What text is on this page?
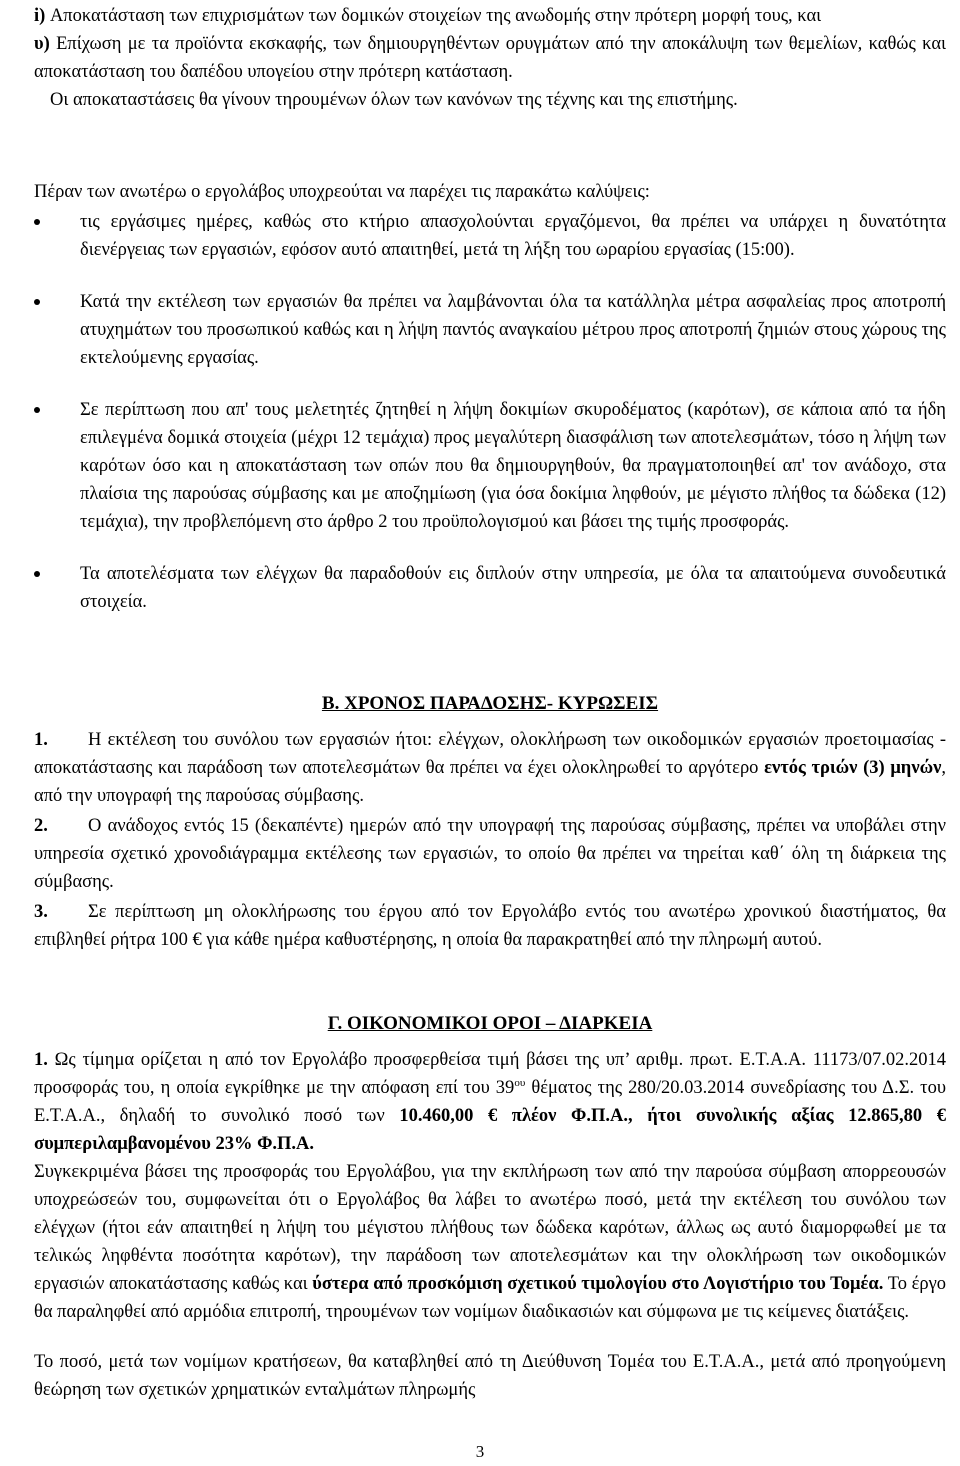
i) Αποκατάσταση των επιχρισμάτων των δομικών στοιχείων της ανωδομής στην πρότερη μορφή τους, και

υ) Επίχωση με τα προϊόντα εκσκαφής, των δημιουργηθέντων ορυγμάτων από την αποκάλυψη των θεμελίων, καθώς και αποκατάσταση του δαπέδου υπογείου στην πρότερη κατάσταση.

Οι αποκαταστάσεις θα γίνουν τηρουμένων όλων των κανόνων της τέχνης και της επιστήμης.

Πέραν των ανωτέρω ο εργολάβος υποχρεούται να παρέχει τις παρακάτω καλύψεις:

τις εργάσιμες ημέρες, καθώς στο κτήριο απασχολούνται εργαζόμενοι, θα πρέπει να υπάρχει η δυνατότητα διενέργειας των εργασιών, εφόσον αυτό απαιτηθεί, μετά τη λήξη του ωραρίου εργασίας (15:00).
Κατά την εκτέλεση των εργασιών θα πρέπει να λαμβάνονται όλα τα κατάλληλα μέτρα ασφαλείας προς αποτροπή ατυχημάτων του προσωπικού καθώς και η λήψη παντός αναγκαίου μέτρου προς αποτροπή ζημιών στους χώρους της εκτελούμενης εργασίας.
Σε περίπτωση που απ' τους μελετητές ζητηθεί η λήψη δοκιμίων σκυροδέματος (καρότων), σε κάποια από τα ήδη επιλεγμένα δομικά στοιχεία (μέχρι 12 τεμάχια) προς μεγαλύτερη διασφάλιση των αποτελεσμάτων, τόσο η λήψη των καρότων όσο και η αποκατάσταση των οπών που θα δημιουργηθούν, θα πραγματοποιηθεί απ' τον ανάδοχο, στα πλαίσια της παρούσας σύμβασης και με αποζημίωση (για όσα δοκίμια ληφθούν, με μέγιστο πλήθος τα δώδεκα (12) τεμάχια), την προβλεπόμενη στο άρθρο 2 του προϋπολογισμού και βάσει της τιμής προσφοράς.
Τα αποτελέσματα των ελέγχων θα παραδοθούν εις διπλούν στην υπηρεσία, με όλα τα απαιτούμενα συνοδευτικά στοιχεία.
Β. ΧΡΟΝΟΣ ΠΑΡΑΔΟΣΗΣ- ΚΥΡΩΣΕΙΣ

1. Η εκτέλεση του συνόλου των εργασιών ήτοι: ελέγχων, ολοκλήρωση των οικοδομικών εργασιών προετοιμασίας - αποκατάστασης και παράδοση των αποτελεσμάτων θα πρέπει να έχει ολοκληρωθεί το αργότερο εντός τριών (3) μηνών, από την υπογραφή της παρούσας σύμβασης.

2. Ο ανάδοχος εντός 15 (δεκαπέντε) ημερών από την υπογραφή της παρούσας σύμβασης, πρέπει να υποβάλει στην υπηρεσία σχετικό χρονοδιάγραμμα εκτέλεσης των εργασιών, το οποίο θα πρέπει να τηρείται καθ΄ όλη τη διάρκεια της σύμβασης.

3. Σε περίπτωση μη ολοκλήρωσης του έργου από τον Εργολάβο εντός του ανωτέρω χρονικού διαστήματος, θα επιβληθεί ρήτρα 100 € για κάθε ημέρα καθυστέρησης, η οποία θα παρακρατηθεί από την πληρωμή αυτού.

Γ. ΟΙΚΟΝΟΜΙΚΟΙ ΟΡΟΙ – ΔΙΑΡΚΕΙΑ

1. Ως τίμημα ορίζεται η από τον Εργολάβο προσφερθείσα τιμή βάσει της υπ’ αριθμ. πρωτ. Ε.Τ.Α.Α. 11173/07.02.2014 προσφοράς του, η οποία εγκρίθηκε με την απόφαση επί του $39^{o\upsilon}$ θέματος της 280/20.03.2014 συνεδρίασης του Δ.Σ. του Ε.Τ.Α.Α., δηλαδή το συνολικό ποσό των 10.460,00 € πλέον Φ.Π.Α., ήτοι συνολικής αξίας 12.865,80 € συμπεριλαμβανομένου 23% Φ.Π.Α.

Συγκεκριμένα βάσει της προσφοράς του Εργολάβου, για την εκπλήρωση των από την παρούσα σύμβαση απορρεουσών υποχρεώσεών του, συμφωνείται ότι ο Εργολάβος θα λάβει το ανωτέρω ποσό, μετά την εκτέλεση του συνόλου των ελέγχων (ήτοι εάν απαιτηθεί η λήψη του μέγιστου πλήθους των δώδεκα καρότων, άλλως ως αυτό διαμορφωθεί με τα τελικώς ληφθέντα ποσότητα καρότων), την παράδοση των αποτελεσμάτων και την ολοκλήρωση των οικοδομικών εργασιών αποκατάστασης καθώς και ύστερα από προσκόμιση σχετικού τιμολογίου στο Λογιστήριο του Τομέα. Το έργο θα παραληφθεί από αρμόδια επιτροπή, τηρουμένων των νομίμων διαδικασιών και σύμφωνα με τις κείμενες διατάξεις.

Το ποσό, μετά των νομίμων κρατήσεων, θα καταβληθεί από τη Διεύθυνση Τομέα του Ε.Τ.Α.Α., μετά από προηγούμενη θεώρηση των σχετικών χρηματικών ενταλμάτων πληρωμής

3
